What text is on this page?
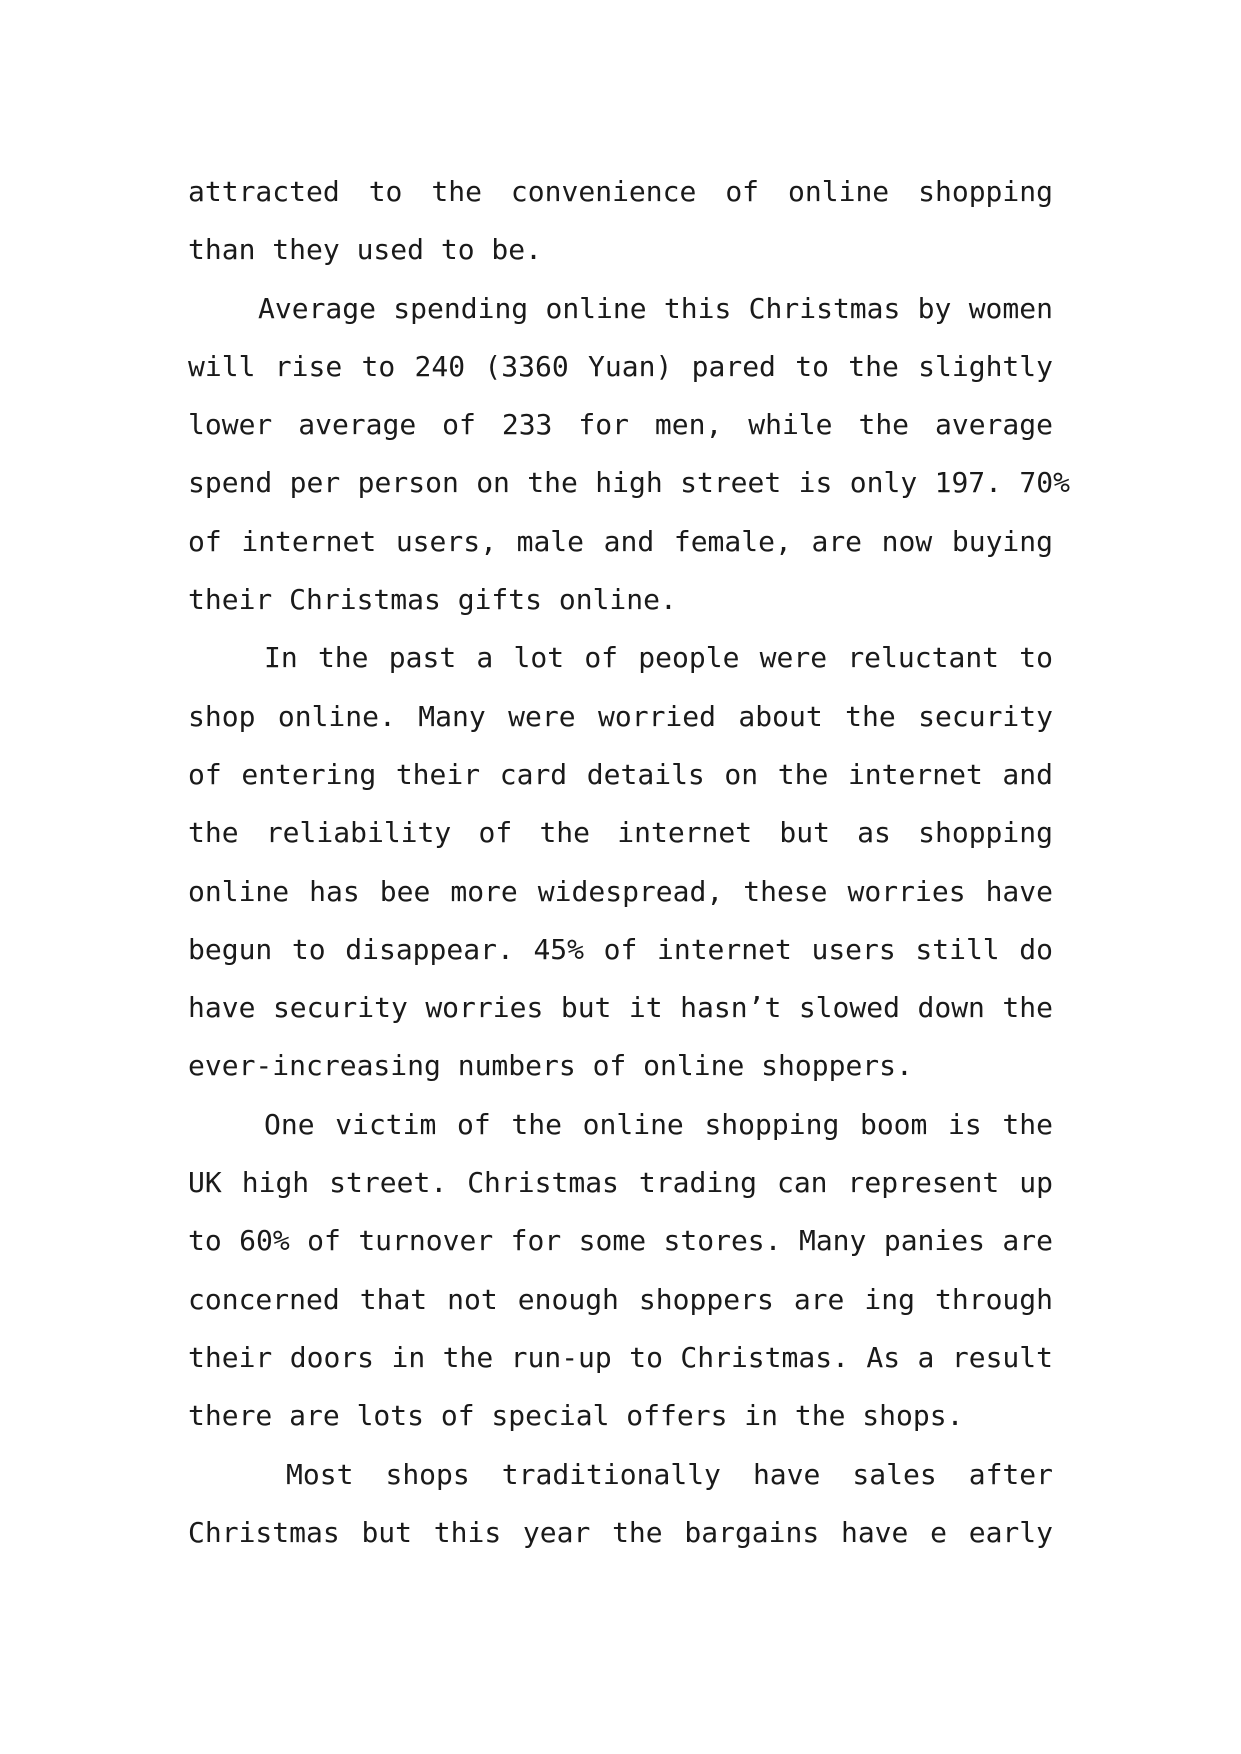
attracted to the convenience of online shopping
than they used to be.
Average spending online this Christmas by women
will rise to 240 (3360 Yuan) pared to the slightly
lower average of 233 for men, while the average
spend per person on the high street is only 197. 70%
of internet users, male and female, are now buying
their Christmas gifts online.
In the past a lot of people were reluctant to
shop online. Many were worried about the security
of entering their card details on the internet and
the reliability of the internet but as shopping
online has bee more widespread, these worries have
begun to disappear. 45% of internet users still do
have security worries but it hasn’t slowed down the
ever-increasing numbers of online shoppers.
One victim of the online shopping boom is the
UK high street. Christmas trading can represent up
to 60% of turnover for some stores. Many panies are
concerned that not enough shoppers are ing through
their doors in the run-up to Christmas. As a result
there are lots of special offers in the shops.
Most shops traditionally have sales after
Christmas but this year the bargains have e early
